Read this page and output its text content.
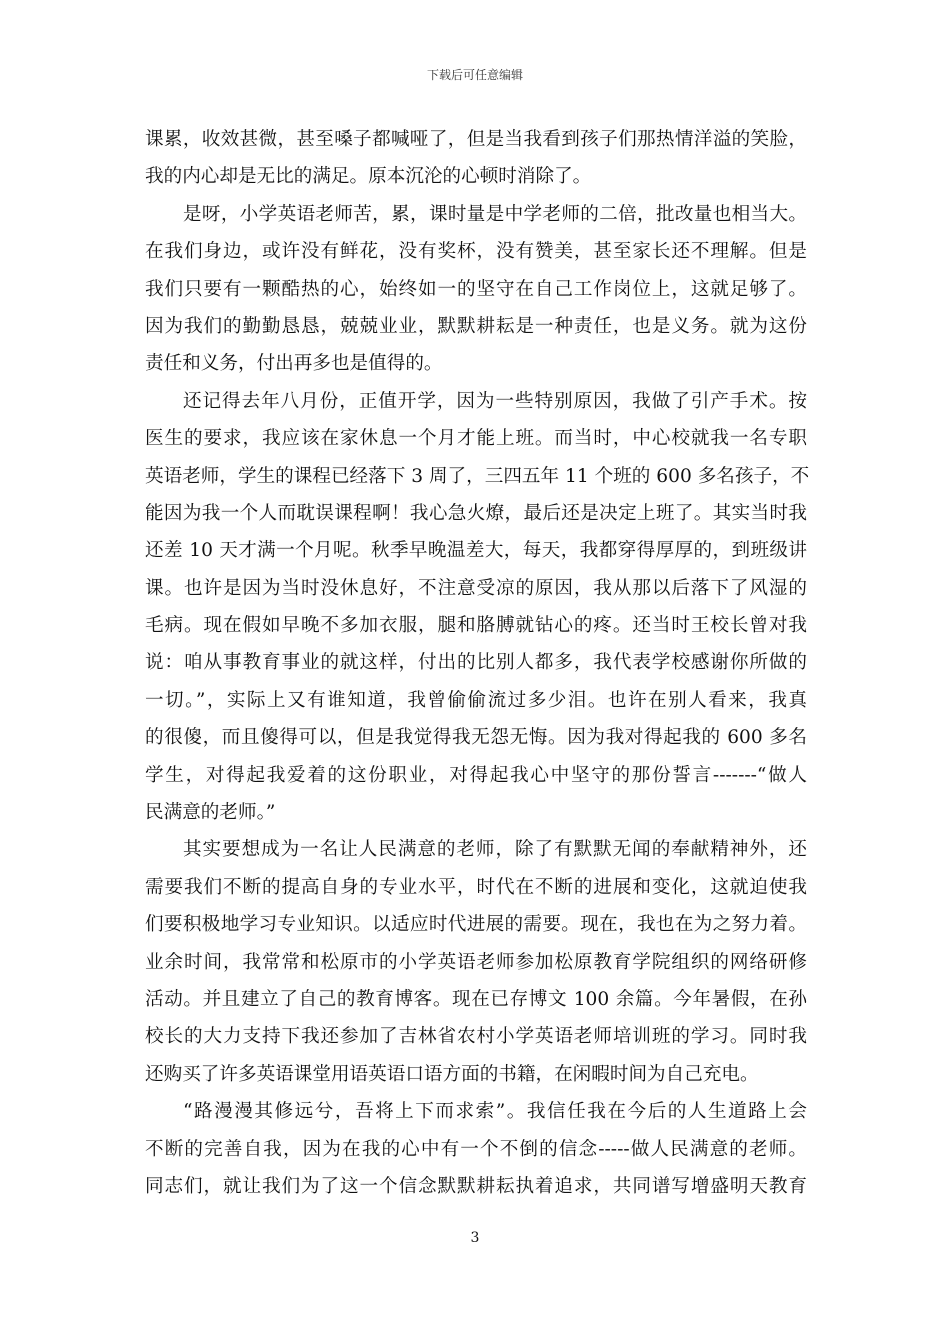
下载后可任意编辑
课累，收效甚微，甚至嗓子都喊哑了，但是当我看到孩子们那热情洋溢的笑脸，
我的内心却是无比的满足。原本沉沦的心顿时消除了。
是呀，小学英语老师苦，累，课时量是中学老师的二倍，批改量也相当大。
在我们身边，或许没有鲜花，没有奖杯，没有赞美，甚至家长还不理解。但是
我们只要有一颗酷热的心，始终如一的坚守在自己工作岗位上，这就足够了。
因为我们的勤勤恳恳，兢兢业业，默默耕耘是一种责任，也是义务。就为这份
责任和义务，付出再多也是值得的。
还记得去年八月份，正值开学，因为一些特别原因，我做了引产手术。按
医生的要求，我应该在家休息一个月才能上班。而当时，中心校就我一名专职
英语老师，学生的课程已经落下 3 周了，三四五年 11 个班的 600 多名孩子，不
能因为我一个人而耽误课程啊！我心急火燎，最后还是决定上班了。其实当时我
还差 10 天才满一个月呢。秋季早晚温差大，每天，我都穿得厚厚的，到班级讲
课。也许是因为当时没休息好，不注意受凉的原因，我从那以后落下了风湿的
毛病。现在假如早晚不多加衣服，腿和胳膊就钻心的疼。还当时王校长曾对我
说：咱从事教育事业的就这样，付出的比别人都多，我代表学校感谢你所做的
一切。”，实际上又有谁知道，我曾偷偷流过多少泪。也许在别人看来，我真
的很傻，而且傻得可以，但是我觉得我无怨无悔。因为我对得起我的 600 多名
学生，对得起我爱着的这份职业，对得起我心中坚守的那份誓言-------“做人
民满意的老师。”
其实要想成为一名让人民满意的老师，除了有默默无闻的奉献精神外，还
需要我们不断的提高自身的专业水平，时代在不断的进展和变化，这就迫使我
们要积极地学习专业知识。以适应时代进展的需要。现在，我也在为之努力着。
业余时间，我常常和松原市的小学英语老师参加松原教育学院组织的网络研修
活动。并且建立了自己的教育博客。现在已存博文 100 余篇。今年暑假，在孙
校长的大力支持下我还参加了吉林省农村小学英语老师培训班的学习。同时我
还购买了许多英语课堂用语英语口语方面的书籍，在闲暇时间为自己充电。
“路漫漫其修远兮，吾将上下而求索”。我信任我在今后的人生道路上会
不断的完善自我，因为在我的心中有一个不倒的信念-----做人民满意的老师。
同志们，就让我们为了这一个信念默默耕耘执着追求，共同谱写增盛明天教育
3
